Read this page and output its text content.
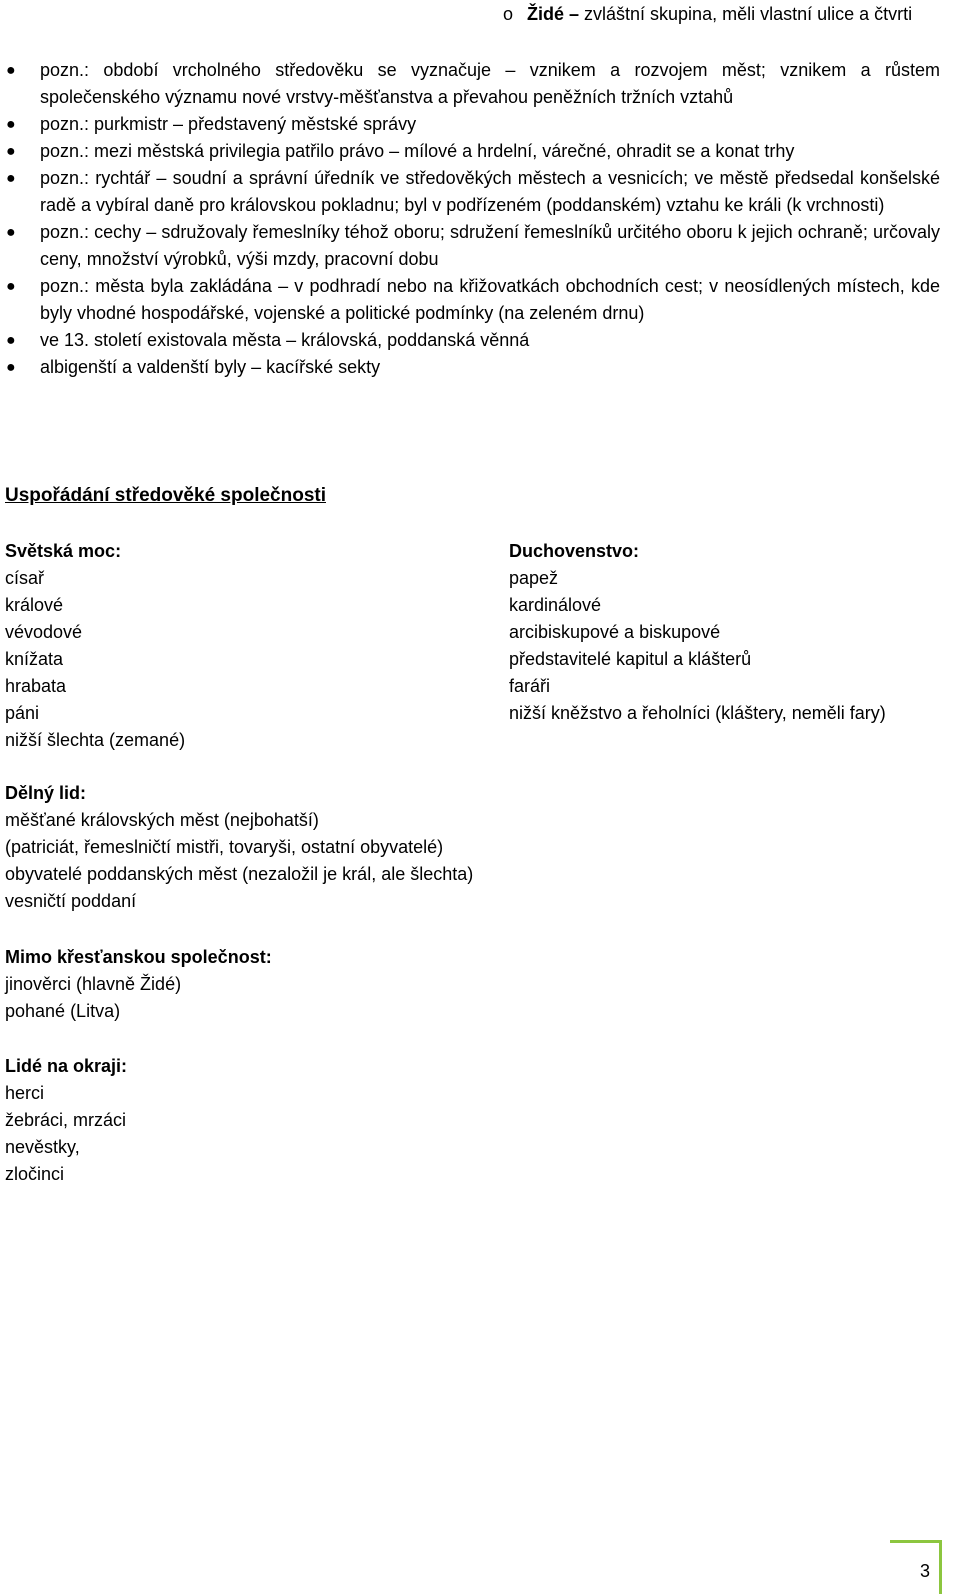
o Židé – zvláštní skupina, měli vlastní ulice a čtvrti
● pozn.: období vrcholného středověku se vyznačuje – vznikem a rozvojem měst; vznikem a růstem společenského významu nové vrstvy-měšťanstva a převahou peněžních tržních vztahů
● pozn.: purkmistr – představený městské správy
● pozn.: mezi městská privilegia patřilo právo – mílové a hrdelní, várečné, ohradit se a konat trhy
● pozn.: rychtář – soudní a správní úředník ve středověkých městech a vesnicích; ve městě předsedal konšelské radě a vybíral daně pro královskou pokladnu; byl v podřízeném (poddanském) vztahu ke králi (k vrchnosti)
● pozn.: cechy – sdružovaly řemeslníky téhož oboru; sdružení řemeslníků určitého oboru k jejich ochraně; určovaly ceny, množství výrobků, výši mzdy, pracovní dobu
● pozn.: města byla zakládána – v podhradí nebo na křižovatkách obchodních cest; v neosídlených místech, kde byly vhodné hospodářské, vojenské a politické podmínky (na zeleném drnu)
● ve 13. století existovala města – královská, poddanská věnná
● albigenští a valdenští byly – kacířské sekty
Uspořádání středověké společnosti
Světská moc:
císař
králové
vévodové
knížata
hrabata
páni
nižší šlechta (zemané)
Duchovenstvo:
papež
kardinálové
arcibiskupové a biskupové
představitelé kapitul a klášterů
faráři
nižší kněžstvo a řeholníci (kláštery, neměli fary)
Dělný lid:
měšťané královských měst (nejbohatší)
(patriciát, řemeslničtí mistři, tovaryši, ostatní obyvatelé)
obyvatelé poddanských měst (nezaložil je král, ale šlechta)
vesničtí poddaní
Mimo křesťanskou společnost:
jinověrci (hlavně Židé)
pohané (Litva)
Lidé na okraji:
herci
žebráci, mrzáci
nevěstky,
zločinci
3
